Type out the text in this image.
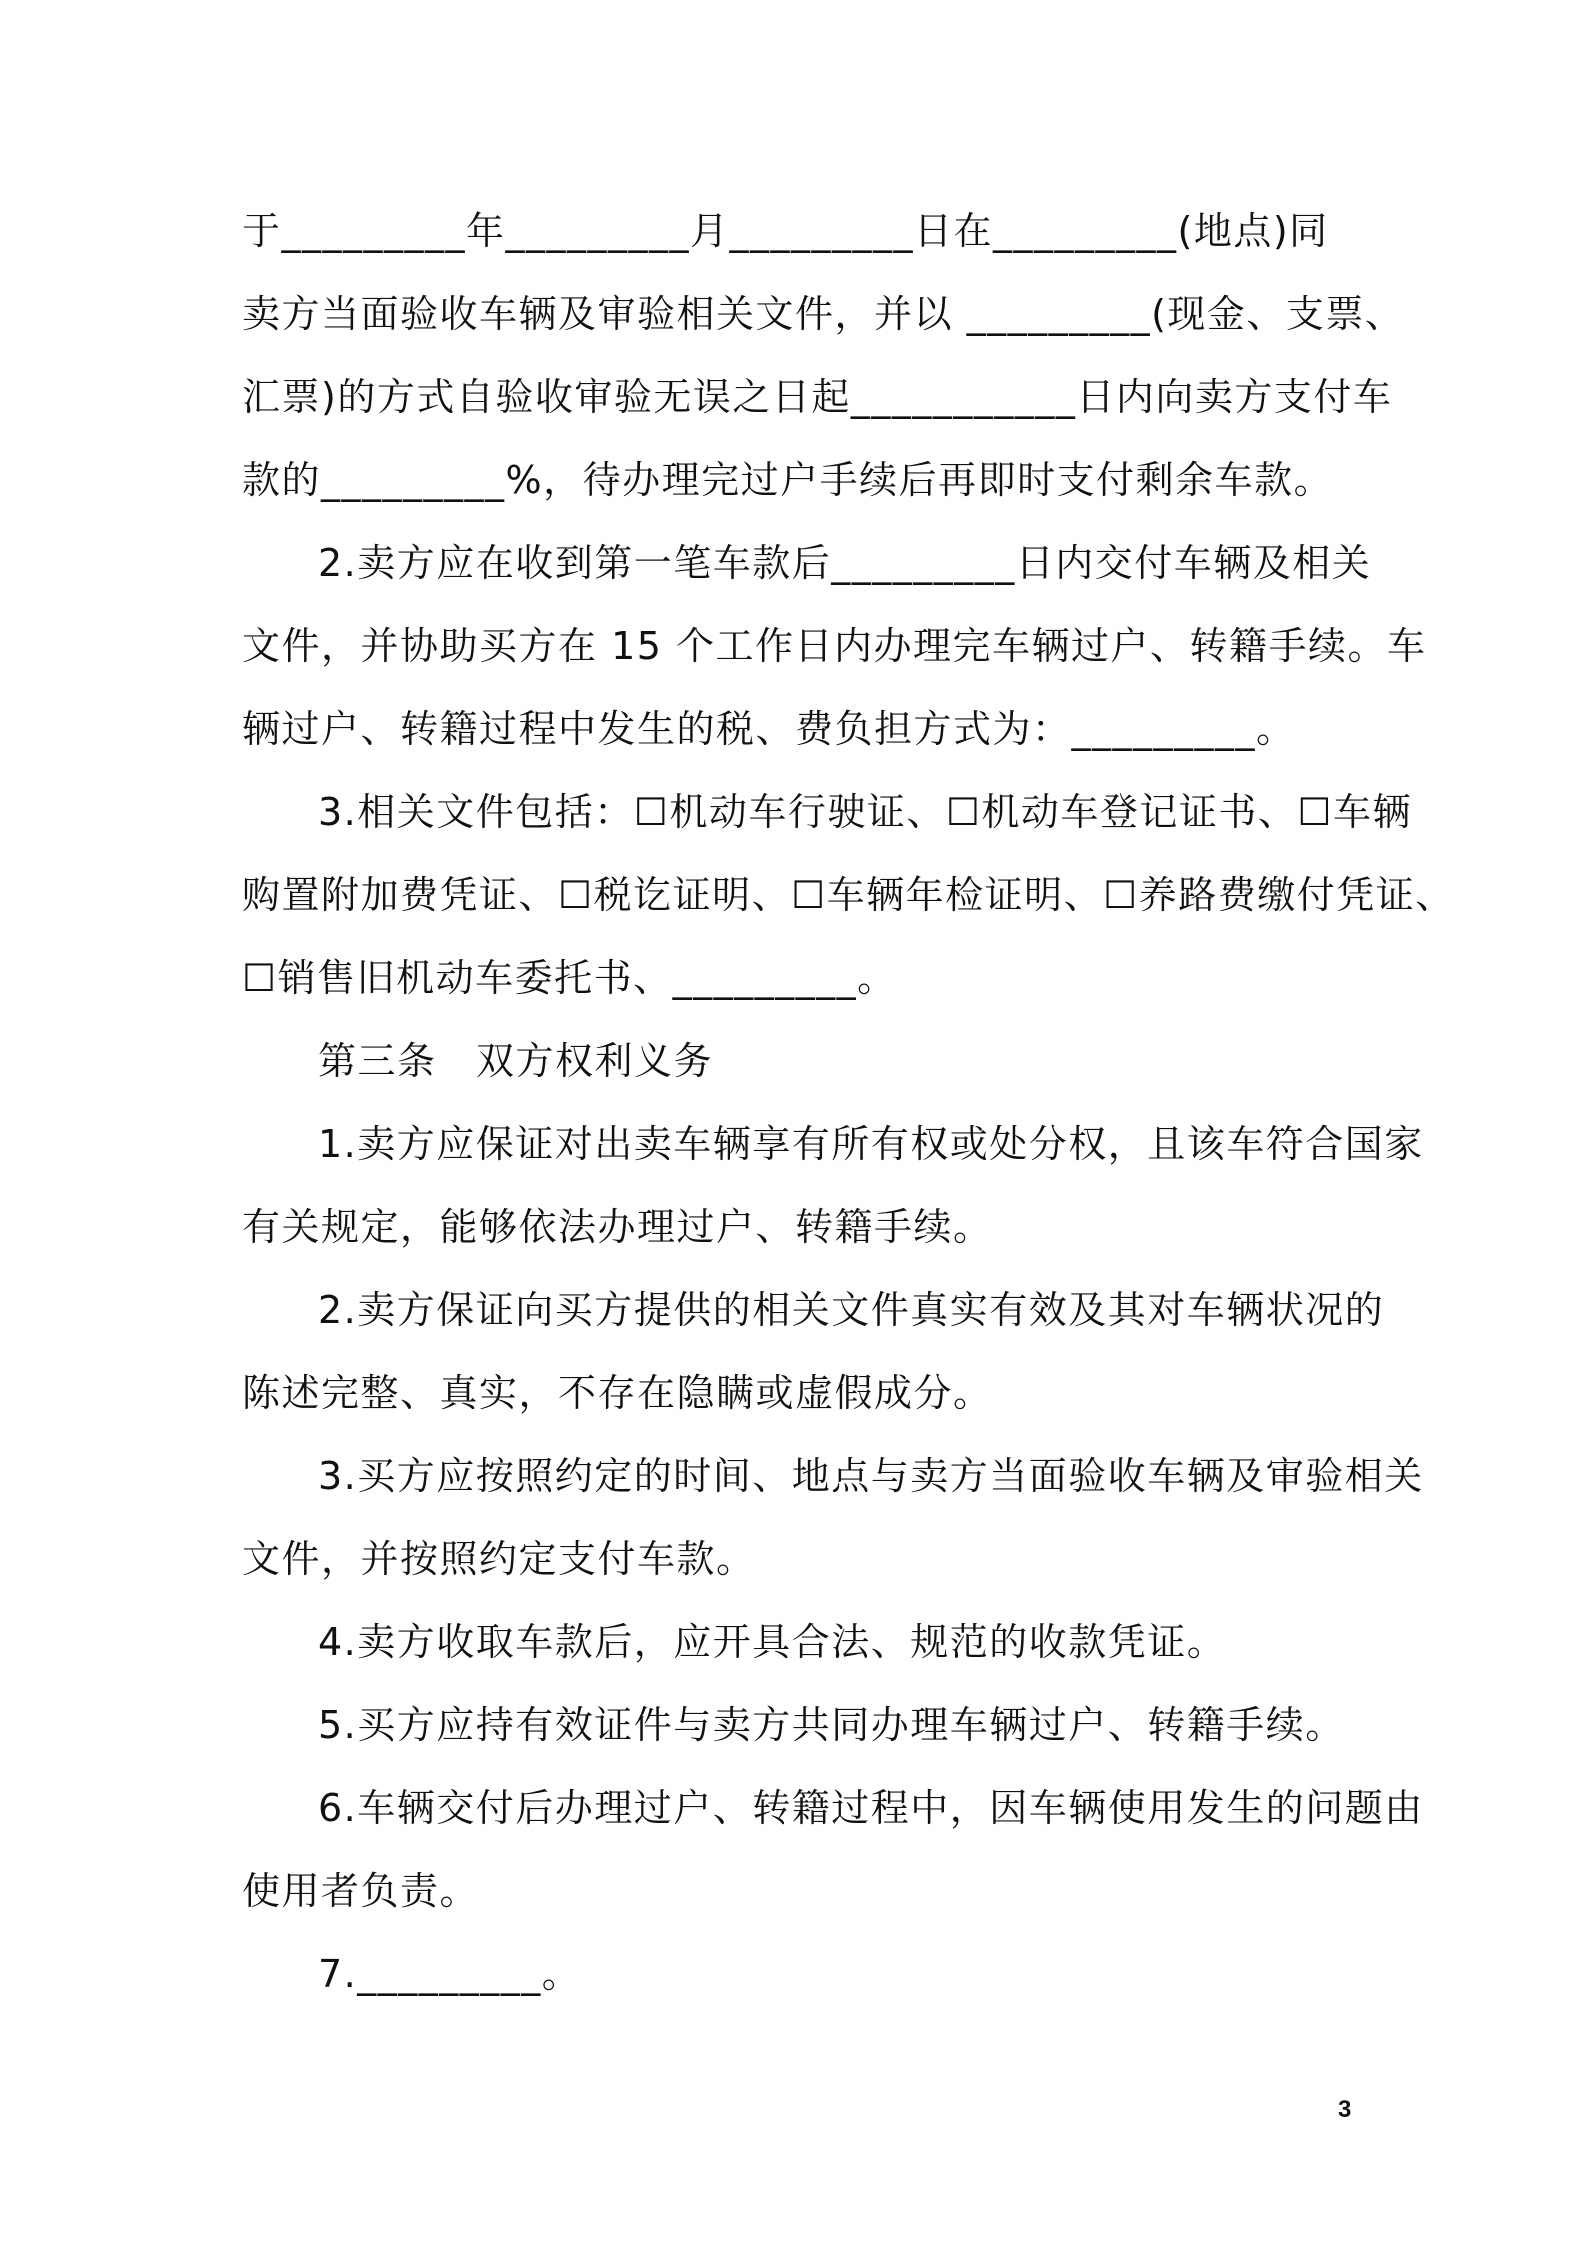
于_________年_________月_________日在_________(地点)同
卖方当面验收车辆及审验相关文件，并以 _________(现金、支票、
汇票)的方式自验收审验无误之日起___________日内向卖方支付车
款的_________%，待办理完过户手续后再即时支付剩余车款。
2.卖方应在收到第一笔车款后_________日内交付车辆及相关
文件，并协助买方在 15 个工作日内办理完车辆过户、转籍手续。车
辆过户、转籍过程中发生的税、费负担方式为：_________。
3.相关文件包括：☐机动车行驶证、☐机动车登记证书、☐车辆
购置附加费凭证、☐税讫证明、☐车辆年检证明、☐养路费缴付凭证、
☐销售旧机动车委托书、_________。
第三条　双方权利义务
1.卖方应保证对出卖车辆享有所有权或处分权，且该车符合国家
有关规定，能够依法办理过户、转籍手续。
2.卖方保证向买方提供的相关文件真实有效及其对车辆状况的
陈述完整、真实，不存在隐瞒或虚假成分。
3.买方应按照约定的时间、地点与卖方当面验收车辆及审验相关
文件，并按照约定支付车款。
4.卖方收取车款后，应开具合法、规范的收款凭证。
5.买方应持有效证件与卖方共同办理车辆过户、转籍手续。
6.车辆交付后办理过户、转籍过程中，因车辆使用发生的问题由
使用者负责。
7._________。
3
